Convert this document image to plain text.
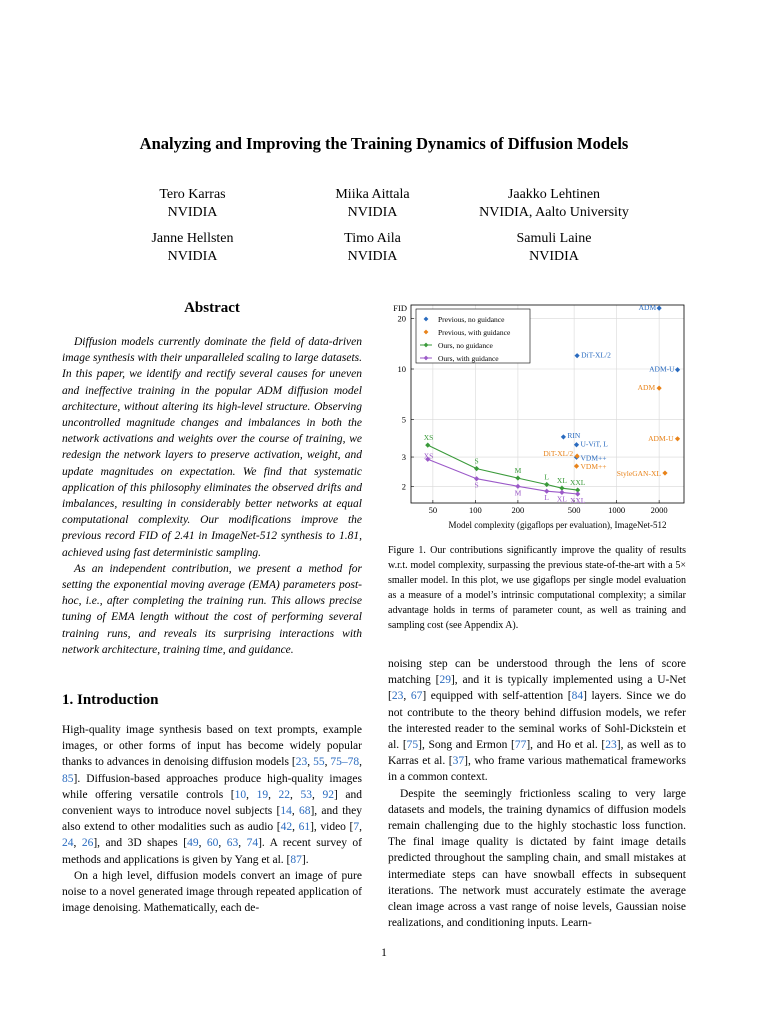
Analyzing and Improving the Training Dynamics of Diffusion Models
Tero Karras
NVIDIA
Miika Aittala
NVIDIA
Jaakko Lehtinen
NVIDIA, Aalto University
Janne Hellsten
NVIDIA
Timo Aila
NVIDIA
Samuli Laine
NVIDIA
Abstract

Diffusion models currently dominate the field of data-driven image synthesis with their unparalleled scaling to large datasets. In this paper, we identify and rectify several causes for uneven and ineffective training in the popular ADM diffusion model architecture, without altering its high-level structure. Observing uncontrolled magnitude changes and imbalances in both the network activations and weights over the course of training, we redesign the network layers to preserve activation, weight, and update magnitudes on expectation. We find that systematic application of this philosophy eliminates the observed drifts and imbalances, resulting in considerably better networks at equal computational complexity. Our modifications improve the previous record FID of 2.41 in ImageNet-512 synthesis to 1.81, achieved using fast deterministic sampling.

As an independent contribution, we present a method for setting the exponential moving average (EMA) parameters post-hoc, i.e., after completing the training run. This allows precise tuning of EMA length without the cost of performing several training runs, and reveals its surprising interactions with network architecture, training time, and guidance.

1. Introduction

High-quality image synthesis based on text prompts, example images, or other forms of input has become widely popular thanks to advances in denoising diffusion models [23, 55, 75–78, 85]. Diffusion-based approaches produce high-quality images while offering versatile controls [10, 19, 22, 53, 92] and convenient ways to introduce novel subjects [14, 68], and they also extend to other modalities such as audio [42, 61], video [7, 24, 26], and 3D shapes [49, 60, 63, 74]. A recent survey of methods and applications is given by Yang et al. [87].

On a high level, diffusion models convert an image of pure noise to a novel generated image through repeated application of image denoising. Mathematically, each de-

50	100	200	500	1000	2000
2
3
5
10
20
FID
Model complexity (gigaflops per evaluation), ImageNet-512
ADM
ADM-U
DiT-XL/2
RIN
U-ViT, L
VDM++
ADM
ADM-U
DiT-XL/2
VDM++
StyleGAN-XL
XS
S
M
L XL XXL
XS
S
M
L XL XXL
Previous, no guidance
Previous, with guidance
Ours, no guidance
Ours, with guidance
Figure 1. Our contributions significantly improve the quality of results w.r.t. model complexity, surpassing the previous state-of-the-art with a 5× smaller model. In this plot, we use gigaflops per single model evaluation as a measure of a model’s intrinsic computational complexity; a similar advantage holds in terms of parameter count, as well as training and sampling cost (see Appendix A).

noising step can be understood through the lens of score matching [29], and it is typically implemented using a U-Net [23, 67] equipped with self-attention [84] layers. Since we do not contribute to the theory behind diffusion models, we refer the interested reader to the seminal works of Sohl-Dickstein et al. [75], Song and Ermon [77], and Ho et al. [23], as well as to Karras et al. [37], who frame various mathematical frameworks in a common context.

Despite the seemingly frictionless scaling to very large datasets and models, the training dynamics of diffusion models remain challenging due to the highly stochastic loss function. The final image quality is dictated by faint image details predicted throughout the sampling chain, and small mistakes at intermediate steps can have snowball effects in subsequent iterations. The network must accurately estimate the average clean image across a vast range of noise levels, Gaussian noise realizations, and conditioning inputs. Learn-

1
